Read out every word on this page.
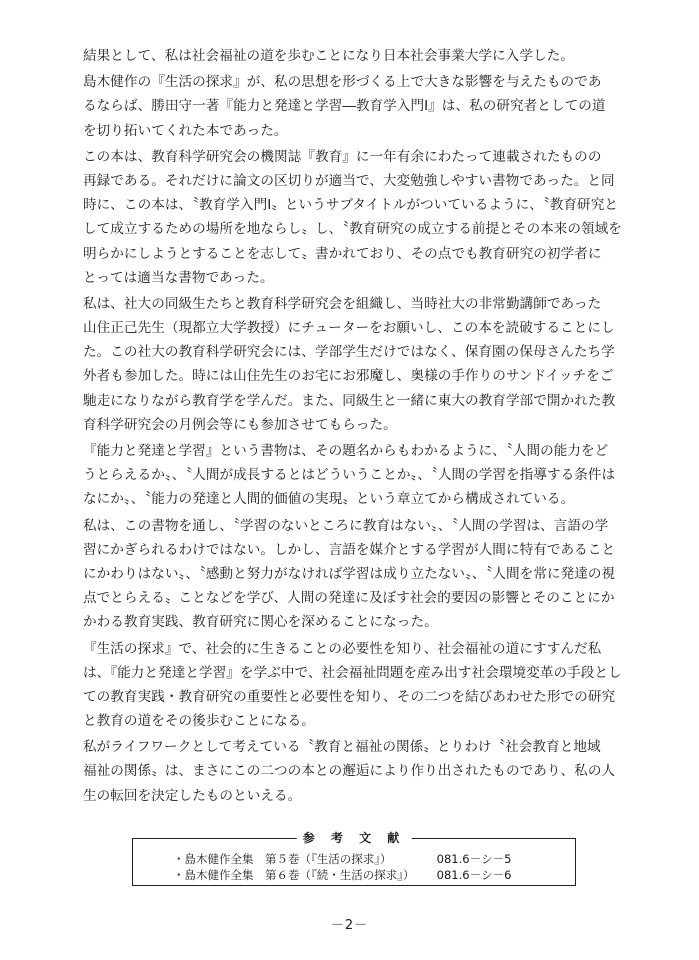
結果として、私は社会福祉の道を歩むことになり日本社会事業大学に入学した。
島木健作の『生活の探求』が、私の思想を形づくる上で大きな影響を与えたものであ
るならば、勝田守一著『能力と発達と学習―教育学入門Ⅰ』は、私の研究者としての道
を切り拓いてくれた本であった。
この本は、教育科学研究会の機関誌『教育』に一年有余にわたって連載されたものの
再録である。それだけに論文の区切りが適当で、大変勉強しやすい書物であった。と同
時に、この本は、〝教育学入門Ⅰ〟というサブタイトルがついているように、〝教育研究と
して成立するための場所を地ならし〟し、〝教育研究の成立する前提とその本来の領域を
明らかにしようとすることを志して〟書かれており、その点でも教育研究の初学者に
とっては適当な書物であった。
私は、社大の同級生たちと教育科学研究会を組織し、当時社大の非常勤講師であった
山住正己先生（現都立大学教授）にチューターをお願いし、この本を読破することにし
た。この社大の教育科学研究会には、学部学生だけではなく、保育園の保母さんたち学
外者も参加した。時には山住先生のお宅にお邪魔し、奥様の手作りのサンドイッチをご
馳走になりながら教育学を学んだ。また、同級生と一緒に東大の教育学部で開かれた教
育科学研究会の月例会等にも参加させてもらった。
『能力と発達と学習』という書物は、その題名からもわかるように、〝人間の能力をど
うとらえるか〟、〝人間が成長するとはどういうことか〟、〝人間の学習を指導する条件は
なにか〟、〝能力の発達と人間的価値の実現〟という章立てから構成されている。
私は、この書物を通し、〝学習のないところに教育はない〟、〝人間の学習は、言語の学
習にかぎられるわけではない。しかし、言語を媒介とする学習が人間に特有であること
にかわりはない〟、〝感動と努力がなければ学習は成り立たない〟、〝人間を常に発達の視
点でとらえる〟ことなどを学び、人間の発達に及ぼす社会的要因の影響とそのことにか
かわる教育実践、教育研究に関心を深めることになった。
『生活の探求』で、社会的に生きることの必要性を知り、社会福祉の道にすすんだ私
は、『能力と発達と学習』を学ぶ中で、社会福祉問題を産み出す社会環境変革の手段とし
ての教育実践・教育研究の重要性と必要性を知り、その二つを結びあわせた形での研究
と教育の道をその後歩むことになる。
私がライフワークとして考えている〝教育と福祉の関係〟とりわけ〝社会教育と地域
福祉の関係〟は、まさにこの二つの本との邂逅により作り出されたものであり、私の人
生の転回を決定したものといえる。
参 考 文 献
・島木健作全集　第５巻（『生活の探求』）	081.6－シ－5
・島木健作全集　第６巻（『続・生活の探求』） 081.6－シ－6
－2－
